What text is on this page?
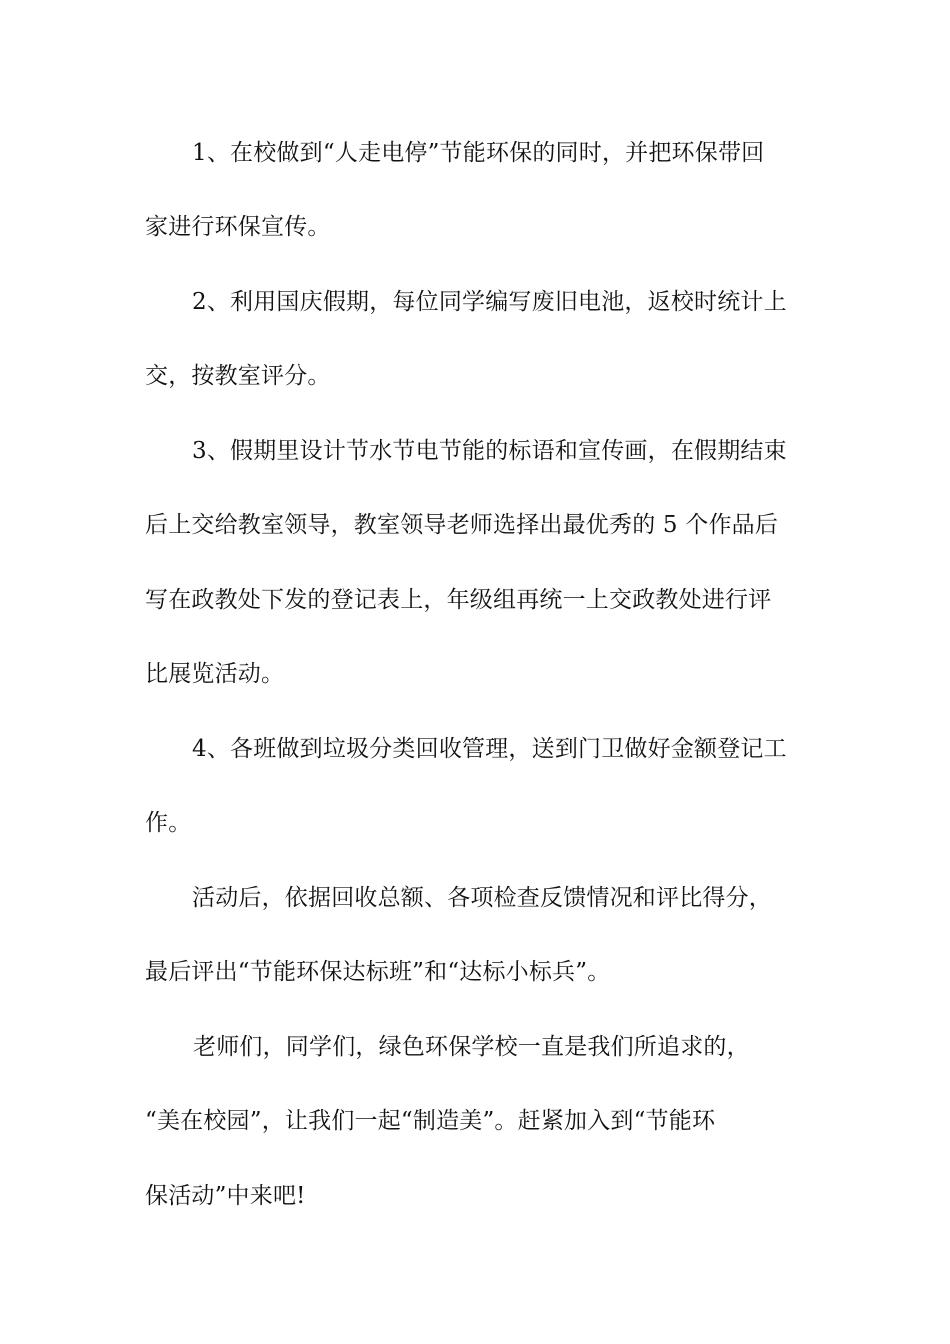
1、在校做到“人走电停”节能环保的同时，并把环保带回
家进行环保宣传。
2、利用国庆假期，每位同学编写废旧电池，返校时统计上
交，按教室评分。
3、假期里设计节水节电节能的标语和宣传画，在假期结束
后上交给教室领导，教室领导老师选择出最优秀的 5 个作品后
写在政教处下发的登记表上，年级组再统一上交政教处进行评
比展览活动。
4、各班做到垃圾分类回收管理，送到门卫做好金额登记工
作。
活动后，依据回收总额、各项检查反馈情况和评比得分，
最后评出“节能环保达标班”和“达标小标兵”。
老师们，同学们，绿色环保学校一直是我们所追求的，
“美在校园”，让我们一起“制造美”。赶紧加入到“节能环
保活动”中来吧!
